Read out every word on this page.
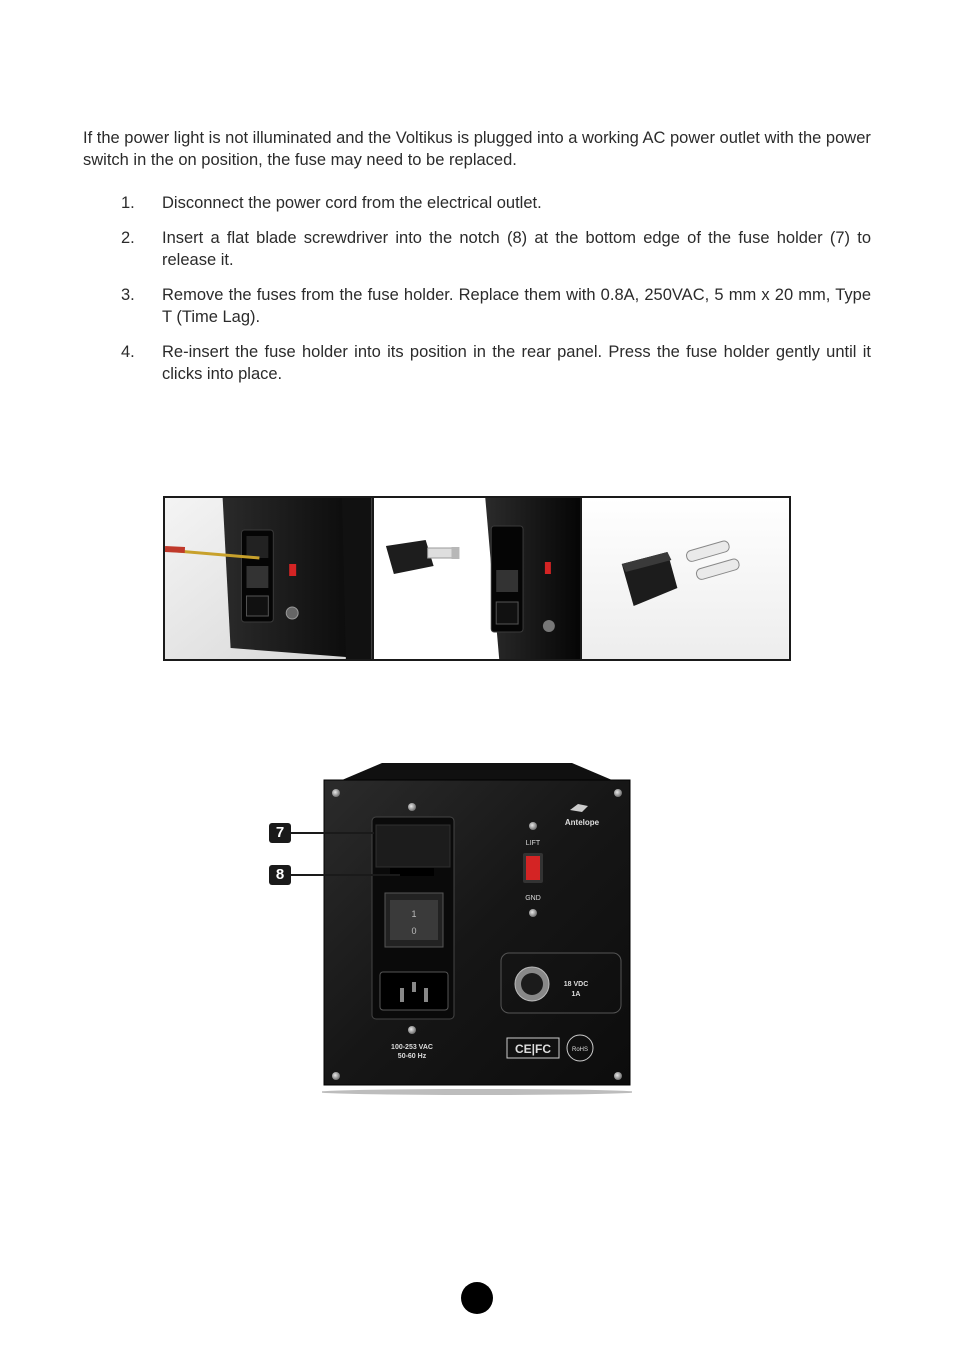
If the power light is not illuminated and the Voltikus is plugged into a working AC power outlet with the power switch in the on position, the fuse may need to be replaced.

1. Disconnect the power cord from the electrical outlet.
2. Insert a flat blade screwdriver into the notch (8) at the bottom edge of the fuse holder (7) to release it.
3. Remove the fuses from the fuse holder. Replace them with 0.8A, 250VAC, 5 mm x 20 mm, Type T (Time Lag).
4. Re-insert the fuse holder into its position in the rear panel. Press the fuse holder gently until it clicks into place.
1
0
Antelope
LIFT
GND
18 VDC
1A
100-253 VAC
50-60 Hz
CE|FC	RoHS
7
8
